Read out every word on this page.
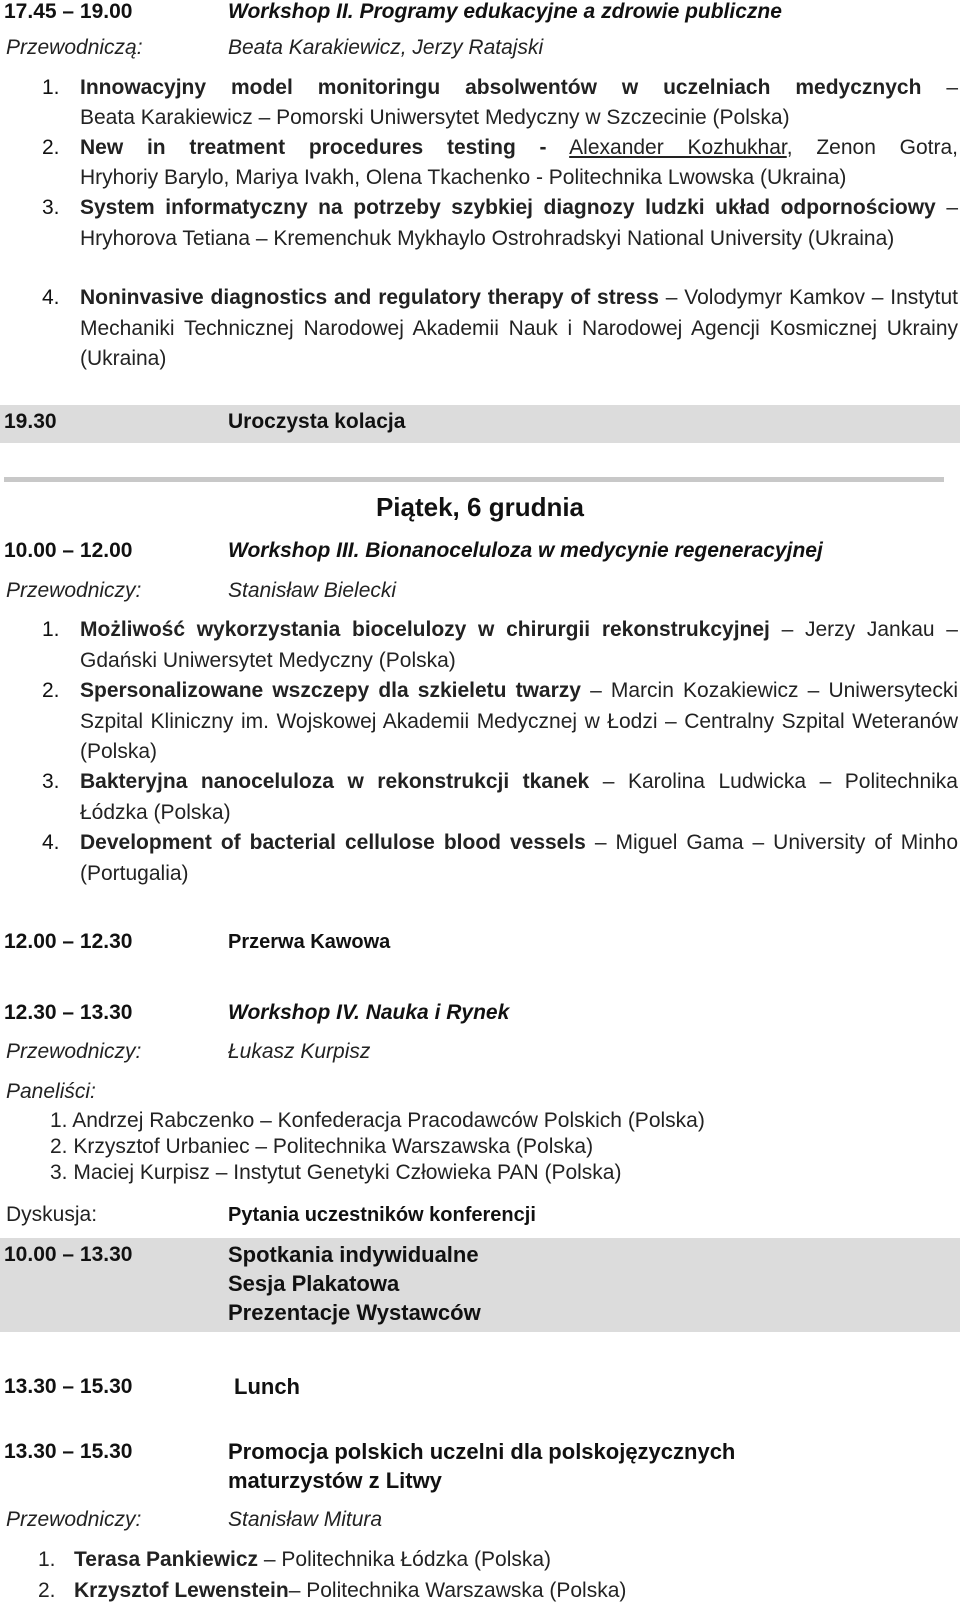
17.45 – 19.00	Workshop II. Programy edukacyjne a zdrowie publiczne
Przewodniczą:	Beata Karakiewicz, Jerzy Ratajski
1. Innowacyjny model monitoringu absolwentów w uczelniach medycznych –
Beata Karakiewicz – Pomorski Uniwersytet Medyczny w Szczecinie (Polska)
2. New in treatment procedures testing - Alexander Kozhukhar, Zenon Gotra,
Hryhoriy Barylo, Mariya Ivakh, Olena Tkachenko - Politechnika Lwowska (Ukraina)
3. System informatyczny na potrzeby szybkiej diagnozy ludzki układ odpornościowy – Hryhorova Tetiana – Kremenchuk Mykhaylo Ostrohradskyi National University (Ukraina)
4. Noninvasive diagnostics and regulatory therapy of stress – Volodymyr Kamkov – Instytut Mechaniki Technicznej Narodowej Akademii Nauk i Narodowej Agencji Kosmicznej Ukrainy (Ukraina)
19.30	Uroczysta kolacja
Piątek, 6 grudnia
10.00 – 12.00	Workshop III. Bionanoceluloza w medycynie regeneracyjnej
Przewodniczy:	Stanisław Bielecki
1. Możliwość wykorzystania biocelulozy w chirurgii rekonstrukcyjnej – Jerzy Jankau – Gdański Uniwersytet Medyczny (Polska)
2. Spersonalizowane wszczepy dla szkieletu twarzy – Marcin Kozakiewicz – Uniwersytecki Szpital Kliniczny im. Wojskowej Akademii Medycznej w Łodzi – Centralny Szpital Weteranów (Polska)
3. Bakteryjna nanoceluloza w rekonstrukcji tkanek – Karolina Ludwicka – Politechnika Łódzka (Polska)
4. Development of bacterial cellulose blood vessels – Miguel Gama – University of Minho (Portugalia)
12.00 – 12.30	Przerwa Kawowa
12.30 – 13.30	Workshop IV. Nauka i Rynek
Przewodniczy:	Łukasz Kurpisz
Paneliści:
1. Andrzej Rabczenko – Konfederacja Pracodawców Polskich (Polska)
2. Krzysztof Urbaniec – Politechnika Warszawska (Polska)
3. Maciej Kurpisz – Instytut Genetyki Człowieka PAN (Polska)
Dyskusja:	Pytania uczestników konferencji
10.00 – 13.30	Spotkania indywidualne
Sesja Plakatowa
Prezentacje Wystawców
13.30 – 15.30	Lunch
13.30 – 15.30	Promocja polskich uczelni dla polskojęzycznych
maturzystów z Litwy
Przewodniczy:	Stanisław Mitura
1. Terasa Pankiewicz – Politechnika Łódzka (Polska)
2. Krzysztof Lewenstein– Politechnika Warszawska (Polska)
